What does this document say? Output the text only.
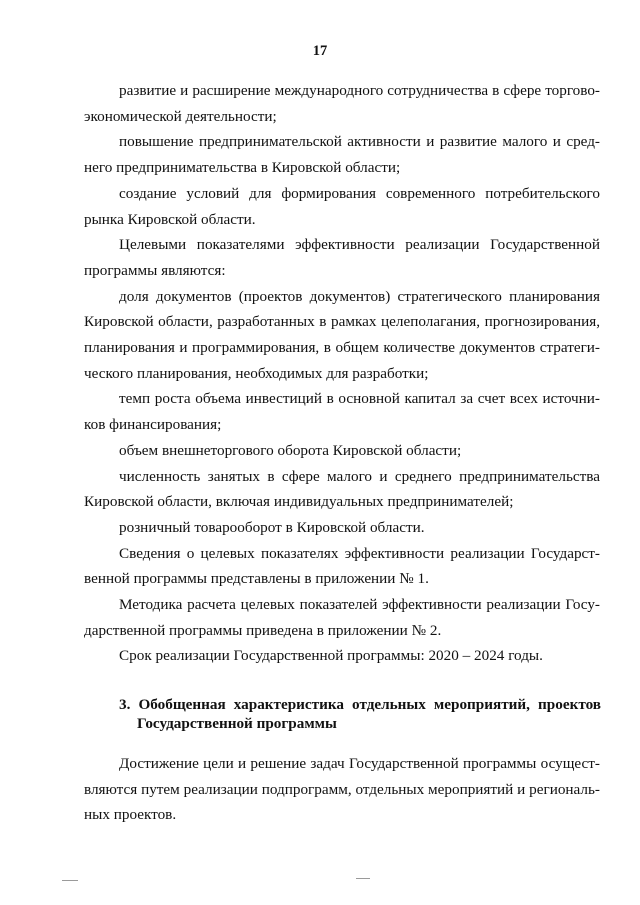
17
развитие и расширение международного сотрудничества в сфере торгово-
экономической деятельности;
повышение предпринимательской активности и развитие малого и сред-
него предпринимательства в Кировской области;
создание условий для формирования современного потребительского
рынка Кировской области.
Целевыми показателями эффективности реализации Государственной
программы являются:
доля документов (проектов документов) стратегического планирования
Кировской области, разработанных в рамках целеполагания, прогнозирования,
планирования и программирования, в общем количестве документов стратеги-
ческого планирования, необходимых для разработки;
темп роста объема инвестиций в основной капитал за счет всех источни-
ков финансирования;
объем внешнеторгового оборота Кировской области;
численность занятых в сфере малого и среднего предпринимательства
Кировской области, включая индивидуальных предпринимателей;
розничный товарооборот в Кировской области.
Сведения о целевых показателях эффективности реализации Государст-
венной программы представлены в приложении № 1.
Методика расчета целевых показателей эффективности реализации Госу-
дарственной программы приведена в приложении № 2.
Срок реализации Государственной программы: 2020 – 2024 годы.
3. Обобщенная характеристика отдельных мероприятий, проектов
Государственной программы
Достижение цели и решение задач Государственной программы осущест-
вляются путем реализации подпрограмм, отдельных мероприятий и региональ-
ных проектов.
